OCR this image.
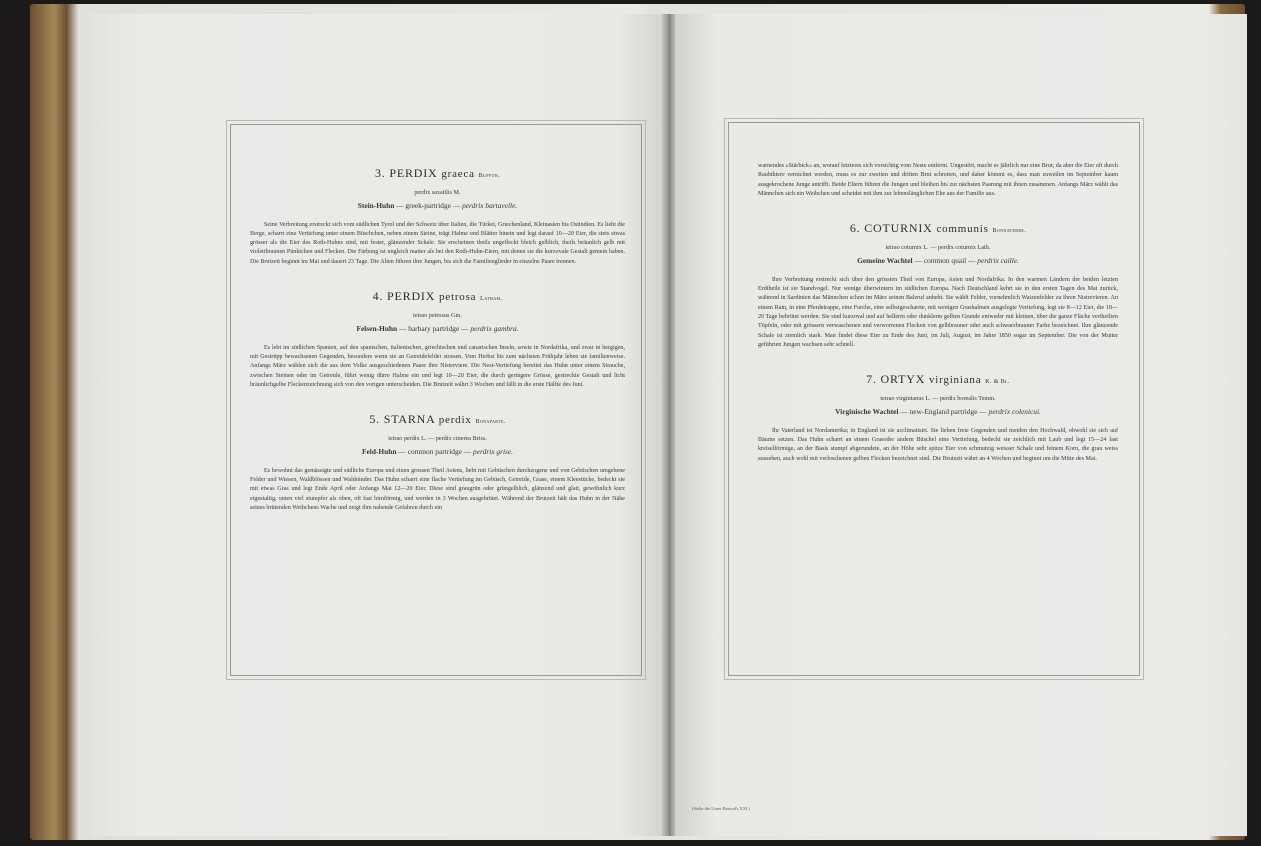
3. PERDIX graeca Buffon.

perdix saxatilis M.

Stein-Huhn — greek-partridge — perdrix bartavelle.

Seine Verbreitung erstreckt sich vom südlichen Tyrol und der Schweiz über Italien, die Türkei, Griechenland, Kleinasien bis Ostindien. Es liebt die Berge, scharrt eine Vertiefung unter einem Büschchen, neben einem Steine, trägt Halme und Blätter hinein und legt darauf 10—20 Eier, die stets etwas grösser als die Eier des Roth-Huhns sind, mit fester, glänzender Schale. Sie erscheinen theils ungefleckt bleich gelblich, theils bräunlich gelb mit violettbraunen Pünktchen und Flecken. Die Färbung ist ungleich matter als bei den Roth-Huhn-Eiern, mit denen sie die kurzovale Gestalt gemein haben. Die Brutzeit beginnt im Mai und dauert 23 Tage. Die Alten führen ihre Jungen, bis sich die Familienglieder in einzelne Paare trennen.

4. PERDIX petrosa Latham.

tetrao petrosus Gm.

Felsen-Huhn — barbary partridge — perdrix gambra.

Es lebt im südlichen Spanien, auf den spanischen, italienischen, griechischen und canarischen Inseln, sowie in Nordafrika, und zwar in bergigen, mit Gestrüpp bewachsenen Gegenden, besonders wenn sie an Getreidefelder stossen. Vom Herbst bis zum nächsten Frühjahr leben sie familienweise. Anfangs März wählen sich die aus dem Volke ausgeschiedenen Paare ihre Nistreviere. Die Nest-Vertiefung bereitet das Huhn unter einem Strauche, zwischen Steinen oder im Getreide, führt wenig dürre Halme ein und legt 10—20 Eier, die durch geringere Grösse, gestreckte Gestalt und licht bräunlichgelbe Fleckenzeichnung sich von den vorigen unterscheiden. Die Brutzeit währt 3 Wochen und fällt in die erste Hälfte des Juni.

5. STARNA perdix Bonaparte.

tetrao perdix L. — perdix cinerea Briss.

Feld-Huhn — common partridge — perdrix grise.

Es bewohnt das gemässigte und südliche Europa und einen grossen Theil Asiens, liebt mit Gebüschen durchzogene und von Gebüschen umgebene Felder und Wiesen, Waldblössen und Waldränder. Das Huhn scharrt eine flache Vertiefung im Gebüsch, Getreide, Grase, einem Kleestücke, bedeckt sie mit etwas Gras und legt Ende April oder Anfangs Mai 12—20 Eier. Diese sind graugrün oder grüngelblich, glänzend und glatt, gewöhnlich kurz eigestaltig, unten viel stumpfer als oben, oft fast birnförmig, und werden in 3 Wochen ausgebrütet. Während der Brutzeit hält das Huhn in der Nähe seines brütenden Weibchens Wache und zeigt ihm nahende Gefahren durch ein

warnendes »Stärbick« an, worauf letzteres sich vorsichtig vom Neste entfernt. Ungestört, macht es jährlich nur eine Brut; da aber die Eier oft durch Raubthiere vernichtet werden, muss es zur zweiten und dritten Brut schreiten, und daher kömmt es, dass man zuweilen im September kaum ausgekrochene Junge antrifft. Beide Eltern führen die Jungen und bleiben bis zur nächsten Paarung mit ihnen zusammen. Anfangs März wählt das Männchen sich ein Weibchen und scheidet mit ihm zur lebenslänglichen Ehe aus der Familie aus.

6. COTURNIX communis Bonnaterre.

tetrao coturnix L. — perdix coturnix Lath.

Gemeine Wachtel — common quail — perdrix caille.

Ihre Verbreitung erstreckt sich über den grössten Theil von Europa, Asien und Nordafrika. In den warmen Ländern der beiden letzten Erdtheile ist sie Standvogel. Nur wenige überwintern im südlichen Europa. Nach Deutschland kehrt sie in den ersten Tagen des Mai zurück, während in Sardinien das Männchen schon im März seinen Balzruf anhebt. Sie wählt Felder, vornehmlich Waizenfelder zu ihren Nistrevieren. An einem Rain, in eine Pferdetrappe, eine Furche, eine selbstgescharrte, mit wenigen Grashalmen ausgelegte Vertiefung, legt sie 8—12 Eier, die 18—20 Tage bebrütet werden. Sie sind kurzoval und auf hellerm oder dunklerm gelben Grunde entweder mit kleinen, über die ganze Fläche vertheilten Tüpfeln, oder mit grössern verwaschenen und verworrenen Flecken von gelbbrauner oder auch schwarzbrauner Farbe bezeichnet. Ihre glänzende Schale ist ziemlich stark. Man findet diese Eier zu Ende des Juni, im Juli, August, im Jahre 1850 sogar im September. Die von der Mutter geführten Jungen wachsen sehr schnell.

7. ORTYX virginiana K. & Bl.

tetrao virginianus L. — perdix borealis Temm.

Virginische Wachtel — new-England partridge — perdrix colenicui.

Ihr Vaterland ist Nordamerika; in England ist sie acclimatisirt. Sie lieben freie Gegenden und meiden den Hochwald, obwohl sie sich auf Bäume setzen. Das Huhn scharrt an einem Grasoder andern Büschel eine Vertiefung, bedeckt sie zeichlich mit Laub und legt 15—24 fast kreiselförmige, an der Basis stumpf abgerundete, an der Höhe sehr spitze Eier von schmutzig weisser Schale und feinem Korn, die grau weiss aussehen, auch wohl mit verloschenen gelben Flecken bezeichnet sind. Die Brutzeit währt an 4 Wochen und beginnt um die Mitte des Mai.

(Siehe die Unter Baroud's XXI.)
